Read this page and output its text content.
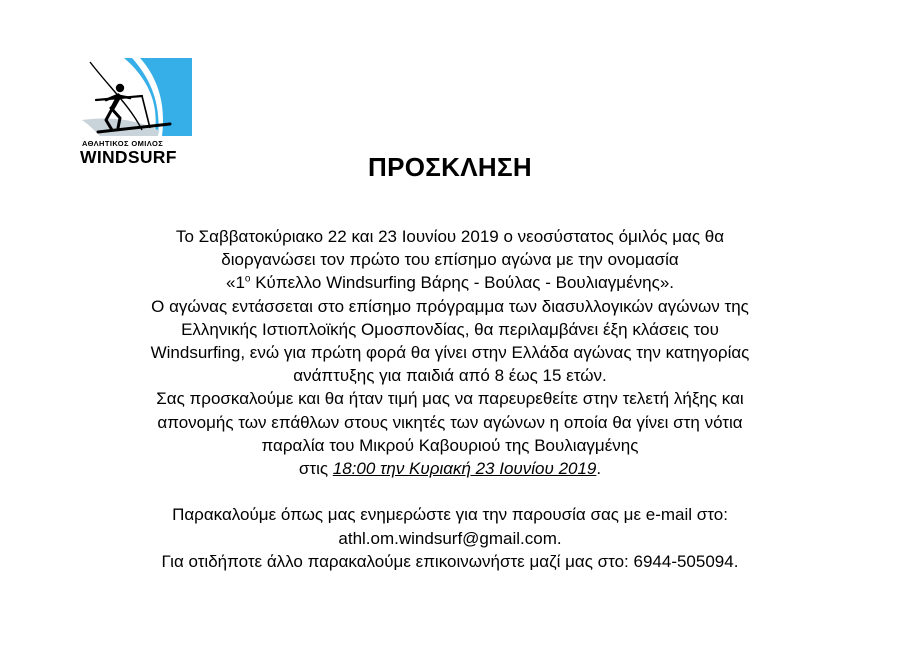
ΑΘΛΗΤΙΚΟΣ ΟΜΙΛΟΣ
WINDSURF	ΠΡΟΣΚΛΗΣΗ
Το Σαββατοκύριακο 22 και 23 Ιουνίου 2019 ο νεοσύστατος όμιλός μας θα
διοργανώσει τον πρώτο του επίσημο αγώνα με την ονομασία
«$1^o$ Κύπελλο Windsurfing Βάρης - Βούλας - Βουλιαγμένης».
Ο αγώνας εντάσσεται στο επίσημο πρόγραμμα των διασυλλογικών αγώνων της
Ελληνικής Ιστιοπλοϊκής Ομοσπονδίας, θα περιλαμβάνει έξη κλάσεις του
Windsurfing, ενώ για πρώτη φορά θα γίνει στην Ελλάδα αγώνας την κατηγορίας
ανάπτυξης για παιδιά από 8 έως 15 ετών.
Σας προσκαλούμε και θα ήταν τιμή μας να παρευρεθείτε στην τελετή λήξης και
απονομής των επάθλων στους νικητές των αγώνων η οποία θα γίνει στη νότια
παραλία του Μικρού Καβουριού της Βουλιαγμένης
στις 18:00 την Κυριακή 23 Ιουνίου 2019.
Παρακαλούμε όπως μας ενημερώστε για την παρουσία σας με e-mail στο:
athl.om.windsurf@gmail.com.
Για οτιδήποτε άλλο παρακαλούμε επικοινωνήστε μαζί μας στο: 6944-505094.
